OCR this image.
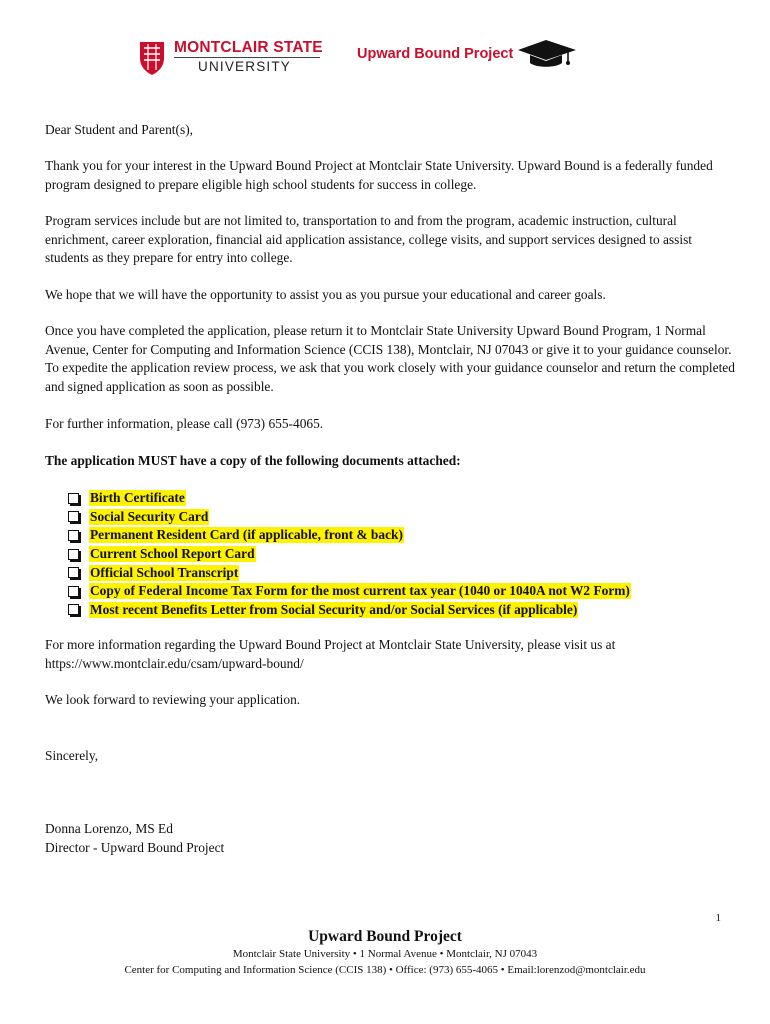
MONTCLAIR STATE
UNIVERSITY
Upward Bound Project

Dear Student and Parent(s),

Thank you for your interest in the Upward Bound Project at Montclair State University. Upward Bound is a federally funded program designed to prepare eligible high school students for success in college.

Program services include but are not limited to, transportation to and from the program, academic instruction, cultural enrichment, career exploration, financial aid application assistance, college visits, and support services designed to assist students as they prepare for entry into college.

We hope that we will have the opportunity to assist you as you pursue your educational and career goals.

Once you have completed the application, please return it to Montclair State University Upward Bound Program, 1 Normal Avenue, Center for Computing and Information Science (CCIS 138), Montclair, NJ 07043 or give it to your guidance counselor. To expedite the application review process, we ask that you work closely with your guidance counselor and return the completed and signed application as soon as possible.

For further information, please call (973) 655-4065.

The application MUST have a copy of the following documents attached:

Birth Certificate
Social Security Card
Permanent Resident Card (if applicable, front & back)
Current School Report Card
Official School Transcript
Copy of Federal Income Tax Form for the most current tax year (1040 or 1040A not W2 Form)
Most recent Benefits Letter from Social Security and/or Social Services (if applicable)

For more information regarding the Upward Bound Project at Montclair State University, please visit us at https://www.montclair.edu/csam/upward-bound/

We look forward to reviewing your application.

Sincerely,

Donna Lorenzo, MS Ed

Director - Upward Bound Project

1
Upward Bound Project
Montclair State University • 1 Normal Avenue • Montclair, NJ 07043
Center for Computing and Information Science (CCIS 138) • Office: (973) 655-4065 • Email:lorenzod@montclair.edu
